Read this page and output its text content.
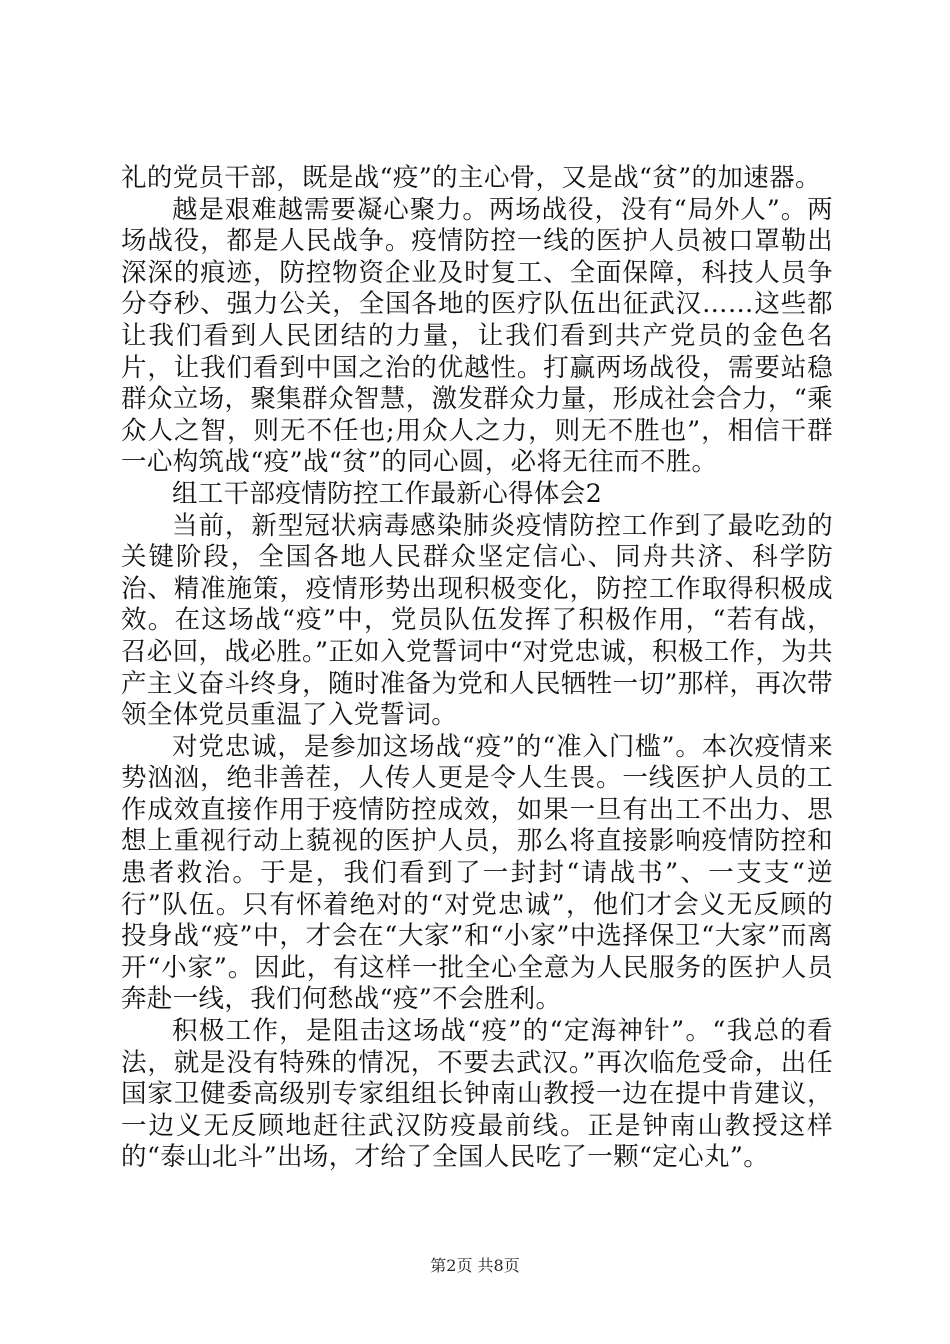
礼的党员干部，既是战“疫”的主心骨，又是战“贫”的加速器。

越是艰难越需要凝心聚力。两场战役，没有“局外人”。两场战役，都是人民战争。疫情防控一线的医护人员被口罩勒出深深的痕迹，防控物资企业及时复工、全面保障，科技人员争分夺秒、强力公关，全国各地的医疗队伍出征武汉……这些都让我们看到人民团结的力量，让我们看到共产党员的金色名片，让我们看到中国之治的优越性。打赢两场战役，需要站稳群众立场，聚集群众智慧，激发群众力量，形成社会合力，“乘众人之智，则无不任也;用众人之力，则无不胜也”，相信干群一心构筑战“疫”战“贫”的同心圆，必将无往而不胜。

组工干部疫情防控工作最新心得体会2

当前，新型冠状病毒感染肺炎疫情防控工作到了最吃劲的关键阶段，全国各地人民群众坚定信心、同舟共济、科学防治、精准施策，疫情形势出现积极变化，防控工作取得积极成效。在这场战“疫”中，党员队伍发挥了积极作用，“若有战，召必回，战必胜。”正如入党誓词中“对党忠诚，积极工作，为共产主义奋斗终身，随时准备为党和人民牺牲一切”那样，再次带领全体党员重温了入党誓词。

对党忠诚，是参加这场战“疫”的“准入门槛”。本次疫情来势汹汹，绝非善茬，人传人更是令人生畏。一线医护人员的工作成效直接作用于疫情防控成效，如果一旦有出工不出力、思想上重视行动上藐视的医护人员，那么将直接影响疫情防控和患者救治。于是，我们看到了一封封“请战书”、一支支“逆行”队伍。只有怀着绝对的“对党忠诚”，他们才会义无反顾的投身战“疫”中，才会在“大家”和“小家”中选择保卫“大家”而离开“小家”。因此，有这样一批全心全意为人民服务的医护人员奔赴一线，我们何愁战“疫”不会胜利。

积极工作，是阻击这场战“疫”的“定海神针”。“我总的看法，就是没有特殊的情况，不要去武汉。”再次临危受命，出任国家卫健委高级别专家组组长钟南山教授一边在提中肯建议，一边义无反顾地赶往武汉防疫最前线。正是钟南山教授这样的“泰山北斗”出场，才给了全国人民吃了一颗“定心丸”。

第2页 共8页
